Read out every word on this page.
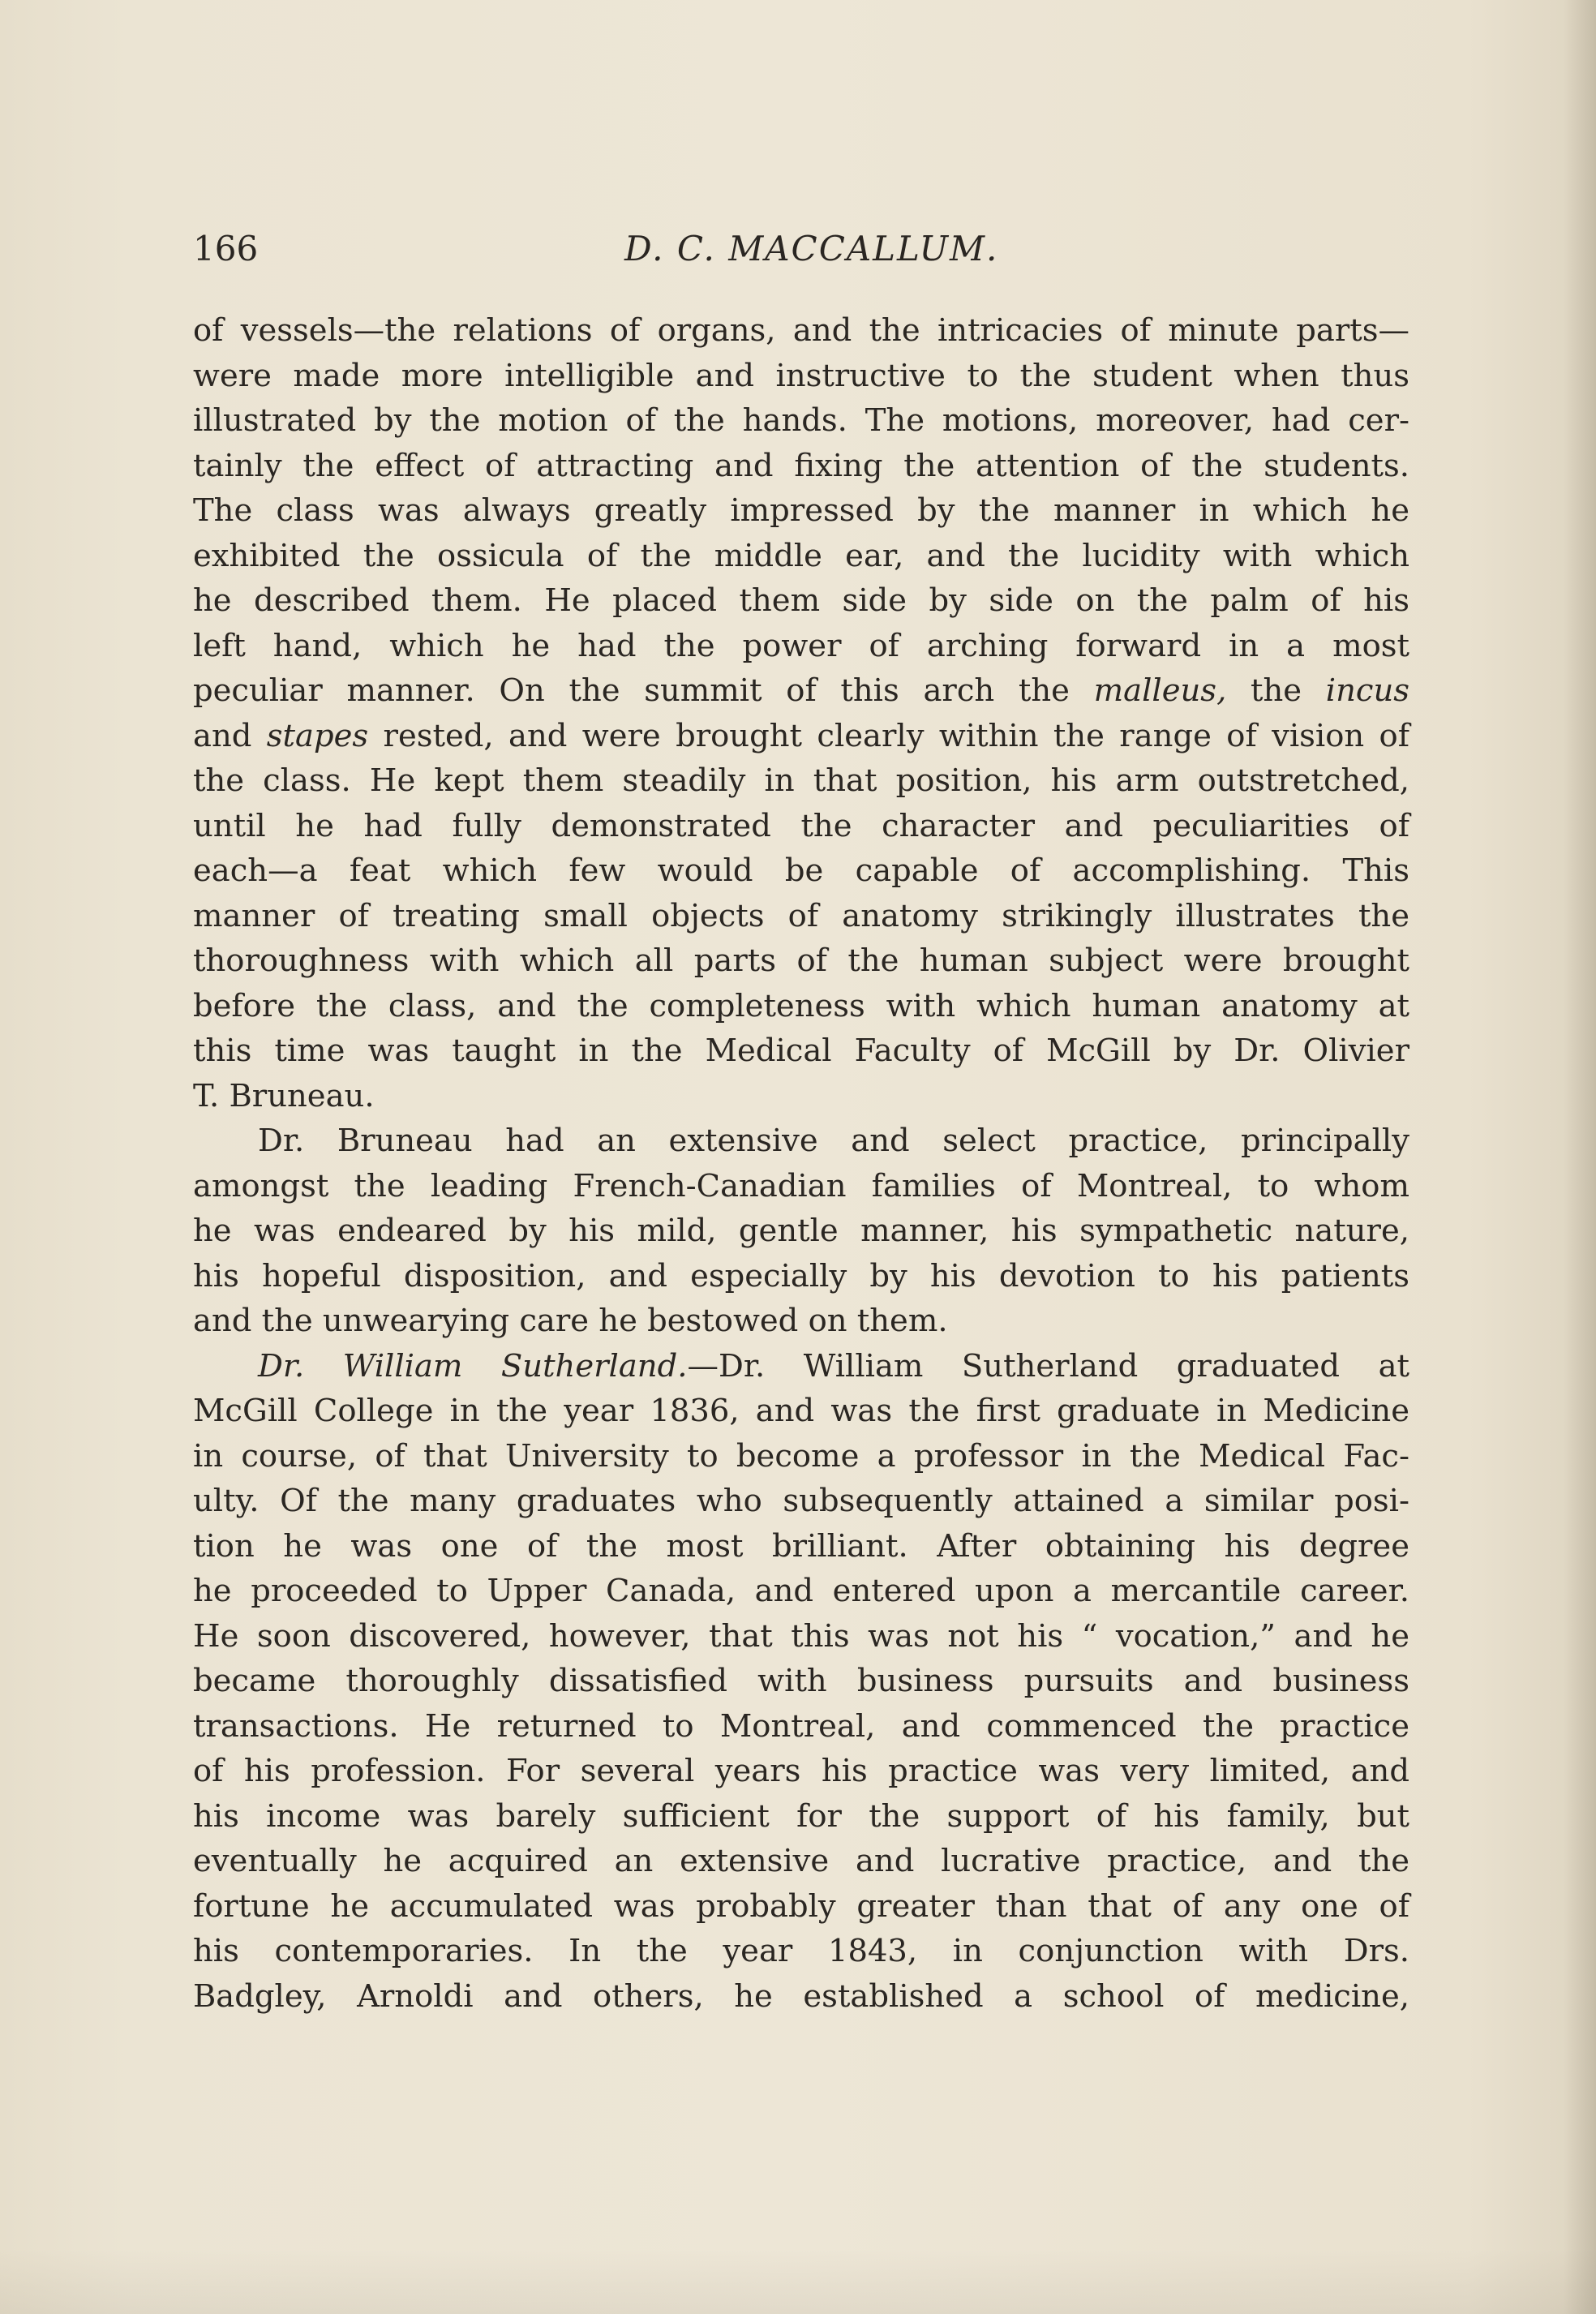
166	D. C. MACCALLUM.

of vessels—the relations of organs, and the intricacies of minute parts—
were made more intelligible and instructive to the student when thus
illustrated by the motion of the hands. The motions, moreover, had cer-
tainly the effect of attracting and fixing the attention of the students.
The class was always greatly impressed by the manner in which he
exhibited the ossicula of the middle ear, and the lucidity with which
he described them. He placed them side by side on the palm of his
left hand, which he had the power of arching forward in a most
peculiar manner. On the summit of this arch the malleus, the incus
and stapes rested, and were brought clearly within the range of vision of
the class. He kept them steadily in that position, his arm outstretched,
until he had fully demonstrated the character and peculiarities of
each—a feat which few would be capable of accomplishing. This
manner of treating small objects of anatomy strikingly illustrates the
thoroughness with which all parts of the human subject were brought
before the class, and the completeness with which human anatomy at
this time was taught in the Medical Faculty of McGill by Dr. Olivier
T. Bruneau.

Dr. Bruneau had an extensive and select practice, principally
amongst the leading French-Canadian families of Montreal, to whom
he was endeared by his mild, gentle manner, his sympathetic nature,
his hopeful disposition, and especially by his devotion to his patients
and the unwearying care he bestowed on them.

Dr. William Sutherland.—Dr. William Sutherland graduated at
McGill College in the year 1836, and was the first graduate in Medicine
in course, of that University to become a professor in the Medical Fac-
ulty. Of the many graduates who subsequently attained a similar posi-
tion he was one of the most brilliant. After obtaining his degree
he proceeded to Upper Canada, and entered upon a mercantile career.
He soon discovered, however, that this was not his “ vocation,” and he
became thoroughly dissatisfied with business pursuits and business
transactions. He returned to Montreal, and commenced the practice
of his profession. For several years his practice was very limited, and
his income was barely sufficient for the support of his family, but
eventually he acquired an extensive and lucrative practice, and the
fortune he accumulated was probably greater than that of any one of
his contemporaries. In the year 1843, in conjunction with Drs.
Badgley, Arnoldi and others, he established a school of medicine,
